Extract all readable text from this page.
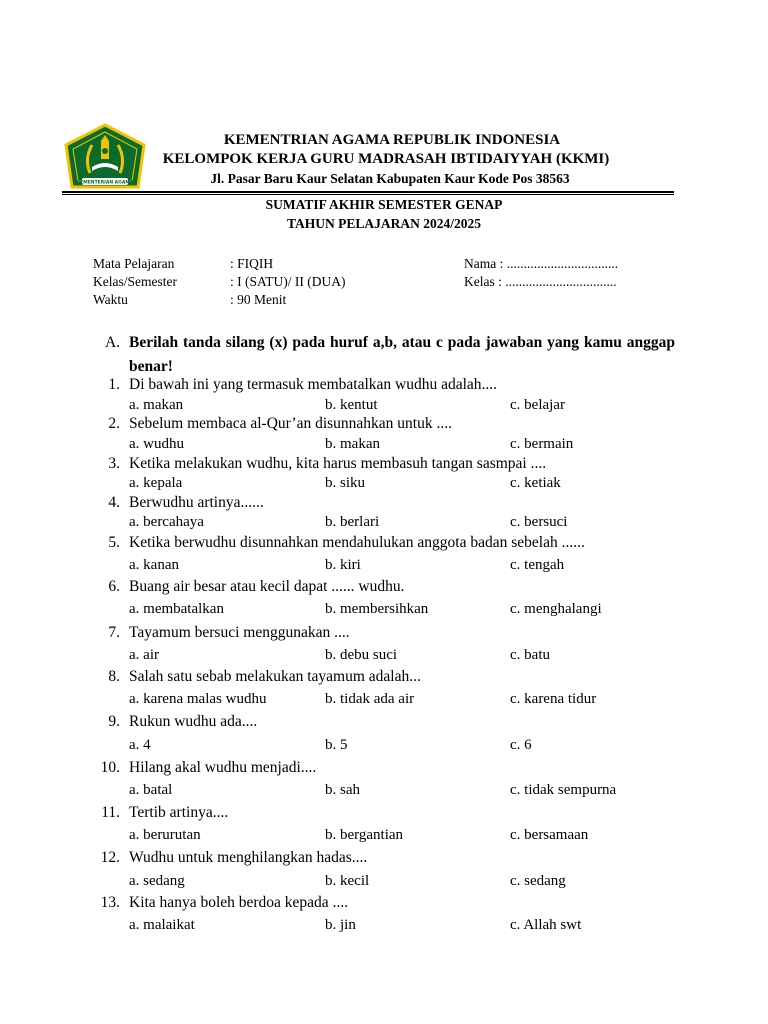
KEMENTERIAN AGAMA
KEMENTRIAN AGAMA REPUBLIK INDONESIA
KELOMPOK KERJA GURU MADRASAH IBTIDAIYYAH (KKMI)
Jl. Pasar Baru Kaur Selatan Kabupaten Kaur Kode Pos 38563
SUMATIF AKHIR SEMESTER GENAP
TAHUN PELAJARAN 2024/2025
Mata Pelajaran	: FIQIH	Nama : .................................
Kelas/Semester	: I (SATU)/ II (DUA)	Kelas : .................................
Waktu	: 90 Menit
A. Berilah tanda silang (x) pada huruf a,b, atau c pada jawaban yang kamu anggap benar!
1. Di bawah ini yang termasuk membatalkan wudhu adalah....
a. makan	b. kentut	c. belajar
2. Sebelum membaca al-Qur’an disunnahkan untuk ....
a. wudhu	b. makan	c. bermain
3. Ketika melakukan wudhu, kita harus membasuh tangan sasmpai ....
a. kepala	b. siku	c. ketiak
4. Berwudhu artinya......
a. bercahaya	b. berlari	c. bersuci
5. Ketika berwudhu disunnahkan mendahulukan anggota badan sebelah ......
a. kanan	b. kiri	c. tengah
6. Buang air besar atau kecil dapat ...... wudhu.
a. membatalkan	b. membersihkan	c. menghalangi
7. Tayamum bersuci menggunakan ....
a. air	b. debu suci	c. batu
8. Salah satu sebab melakukan tayamum adalah...
a. karena malas wudhu	b. tidak ada air	c. karena tidur
9. Rukun wudhu ada....
a. 4	b. 5	c. 6
10. Hilang akal wudhu menjadi....
a. batal	b. sah	c. tidak sempurna
11. Tertib artinya....
a. berurutan	b. bergantian	c. bersamaan
12. Wudhu untuk menghilangkan hadas....
a. sedang	b. kecil	c. sedang
13. Kita hanya boleh berdoa kepada ....
a. malaikat	b. jin	c. Allah swt
